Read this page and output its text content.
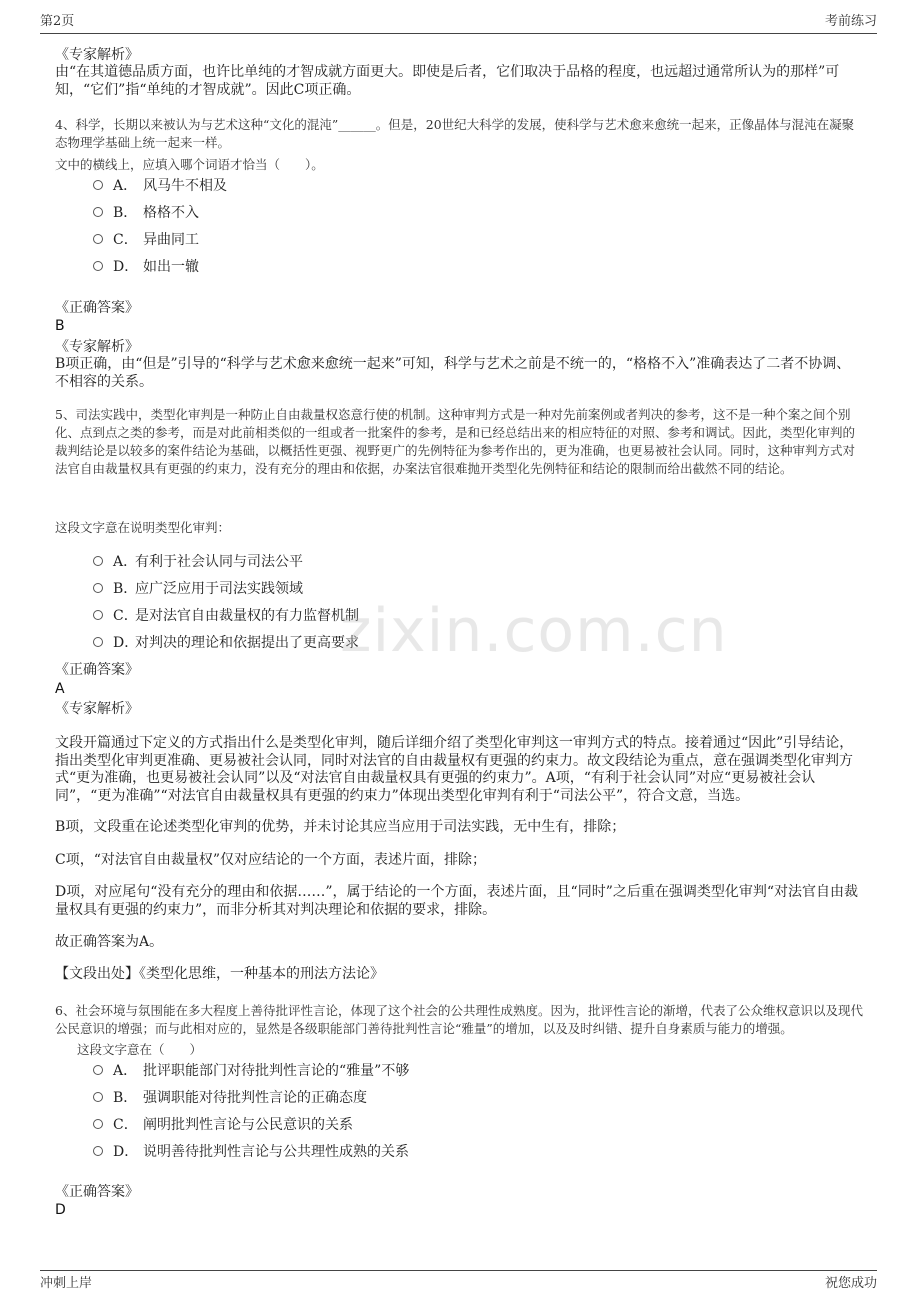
第2页	考前练习
《专家解析》
由“在其道德品质方面，也许比单纯的才智成就方面更大。即使是后者，它们取决于品格的程度，也远超过通常所认为的那样”可知，“它们”指“单纯的才智成就”。因此C项正确。
4、科学，长期以来被认为与艺术这种“文化的混沌”______。但是，20世纪大科学的发展，使科学与艺术愈来愈统一起来，正像晶体与混沌在凝聚态物理学基础上统一起来一样。
文中的横线上，应填入哪个词语才恰当（　　）。
A． 风马牛不相及
B． 格格不入
C． 异曲同工
D． 如出一辙
《正确答案》
B
《专家解析》
B项正确，由“但是”引导的“科学与艺术愈来愈统一起来”可知，科学与艺术之前是不统一的，“格格不入”准确表达了二者不协调、不相容的关系。
5、司法实践中，类型化审判是一种防止自由裁量权恣意行使的机制。这种审判方式是一种对先前案例或者判决的参考，这不是一种个案之间个别化、点到点之类的参考，而是对此前相类似的一组或者一批案件的参考，是和已经总结出来的相应特征的对照、参考和调试。因此，类型化审判的裁判结论是以较多的案件结论为基础，以概括性更强、视野更广的先例特征为参考作出的，更为准确，也更易被社会认同。同时，这种审判方式对法官自由裁量权具有更强的约束力，没有充分的理由和依据，办案法官很难抛开类型化先例特征和结论的限制而给出截然不同的结论。
这段文字意在说明类型化审判：
A．有利于社会认同与司法公平
B．应广泛应用于司法实践领域
C．是对法官自由裁量权的有力监督机制
D．对判决的理论和依据提出了更高要求
《正确答案》
A
《专家解析》
文段开篇通过下定义的方式指出什么是类型化审判，随后详细介绍了类型化审判这一审判方式的特点。接着通过“因此”引导结论，指出类型化审判更准确、更易被社会认同，同时对法官的自由裁量权有更强的约束力。故文段结论为重点，意在强调类型化审判方式“更为准确，也更易被社会认同”以及“对法官自由裁量权具有更强的约束力”。A项，“有利于社会认同”对应“更易被社会认同”，“更为准确”“对法官自由裁量权具有更强的约束力”体现出类型化审判有利于“司法公平”，符合文意，当选。
B项，文段重在论述类型化审判的优势，并未讨论其应当应用于司法实践，无中生有，排除；
C项，“对法官自由裁量权”仅对应结论的一个方面，表述片面，排除；
D项，对应尾句“没有充分的理由和依据……”，属于结论的一个方面，表述片面，且“同时”之后重在强调类型化审判“对法官自由裁量权具有更强的约束力”，而非分析其对判决理论和依据的要求，排除。
故正确答案为A。
【文段出处】《类型化思维，一种基本的刑法方法论》
6、社会环境与氛围能在多大程度上善待批评性言论，体现了这个社会的公共理性成熟度。因为，批评性言论的渐增，代表了公众维权意识以及现代公民意识的增强；而与此相对应的，显然是各级职能部门善待批判性言论“雅量”的增加，以及及时纠错、提升自身素质与能力的增强。
这段文字意在（　　）
A． 批评职能部门对待批判性言论的“雅量”不够
B． 强调职能对待批判性言论的正确态度
C． 阐明批判性言论与公民意识的关系
D． 说明善待批判性言论与公共理性成熟的关系
《正确答案》
D
zixin.com.cn
冲刺上岸	祝您成功
